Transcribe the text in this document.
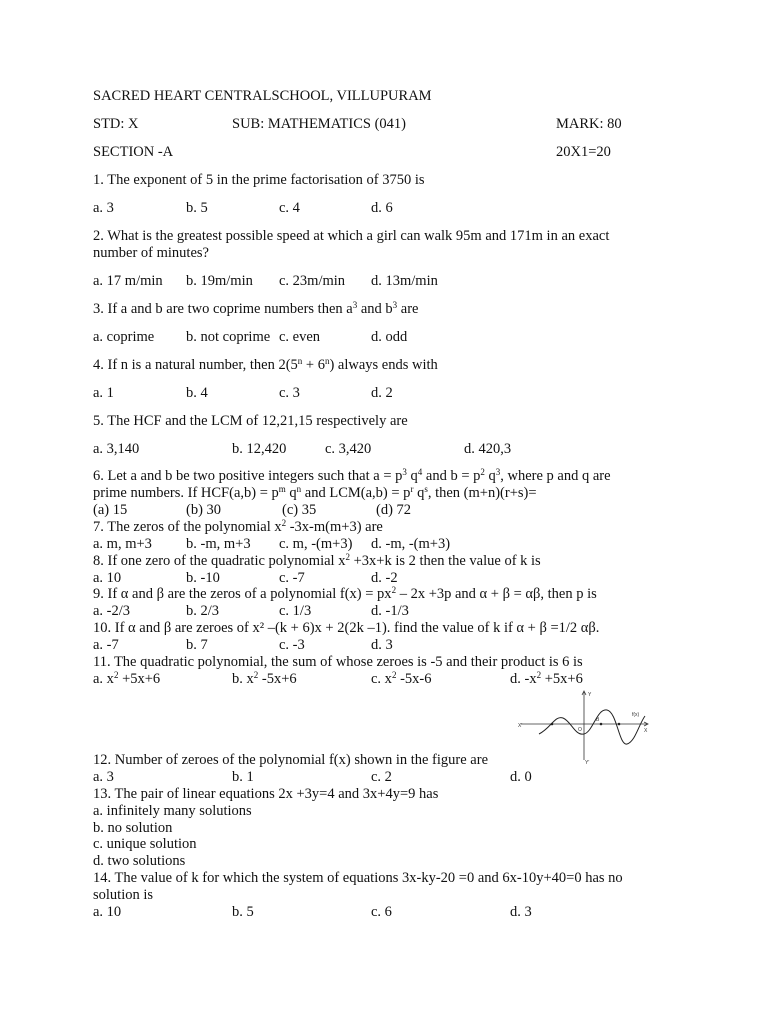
SACRED HEART CENTRALSCHOOL, VILLUPURAM
STD: X	SUB: MATHEMATICS (041)	MARK: 80
SECTION -A	20X1=20
1. The exponent of 5 in the prime factorisation of 3750 is
a. 3	b. 5	c. 4	d. 6
2. What is the greatest possible speed at which a girl can walk 95m and 171m in an exact
number of minutes?
a. 17 m/min b. 19m/min c. 23m/min d. 13m/min
3. If a and b are two coprime numbers then $a^3$ and $b^3$ are
a. coprime b. not coprime c. even	d. odd
4. If n is a natural number, then $2(5^n + 6^n)$ always ends with
a. 1	b. 4	c. 3	d. 2
5. The HCF and the LCM of 12,21,15 respectively are
a. 3,140	b. 12,420	c. 3,420	d. 420,3
6. Let a and b be two positive integers such that $a = p^3$ $q^4$ and $b = p^2$ $q^3$, where p and q are
prime numbers. If $HCF(a,b) = p^m$ $q^n$ and $LCM(a,b) = p^r$ $q^s$, then (m+n)(r+s)=
(a) 15	(b) 30	(c) 35	(d) 72
7. The zeros of the polynomial $x^2$ -3x-m(m+3) are
a. m, m+3 b. -m, m+3 c. m, -(m+3) d. -m, -(m+3)
8. If one zero of the quadratic polynomial $x^2 +3x+k$ is 2 then the value of k is
a. 10	b. -10	c. -7	d. -2
9. If α and β are the zeros of a polynomial $f(x) = px^2 - 2x +3p$ and α + β = αβ, then p is
a. -2/3	b. 2/3	c. 1/3	d. -1/3
10. If α and β are zeroes of x² –(k + 6)x + 2(2k –1). find the value of k if α + β =1/2 αβ.
a. -7	b. 7	c. -3	d. 3
11. The quadratic polynomial, the sum of whose zeroes is -5 and their product is 6 is
a. $x^2 +5x+6$	b. $x^2$ -5x+6	c. $x^2$ -5x-6	d. $-x^2 +5x+6$
Y
Y'
X
X'
f(x)
B
O
12. Number of zeroes of the polynomial f(x) shown in the figure are
a. 3	b. 1	c. 2	d. 0
13. The pair of linear equations 2x +3y=4 and 3x+4y=9 has
a. infinitely many solutions
b. no solution
c. unique solution
d. two solutions
14. The value of k for which the system of equations 3x-ky-20 =0 and 6x-10y+40=0 has no
solution is
a. 10	b. 5	c. 6	d. 3
